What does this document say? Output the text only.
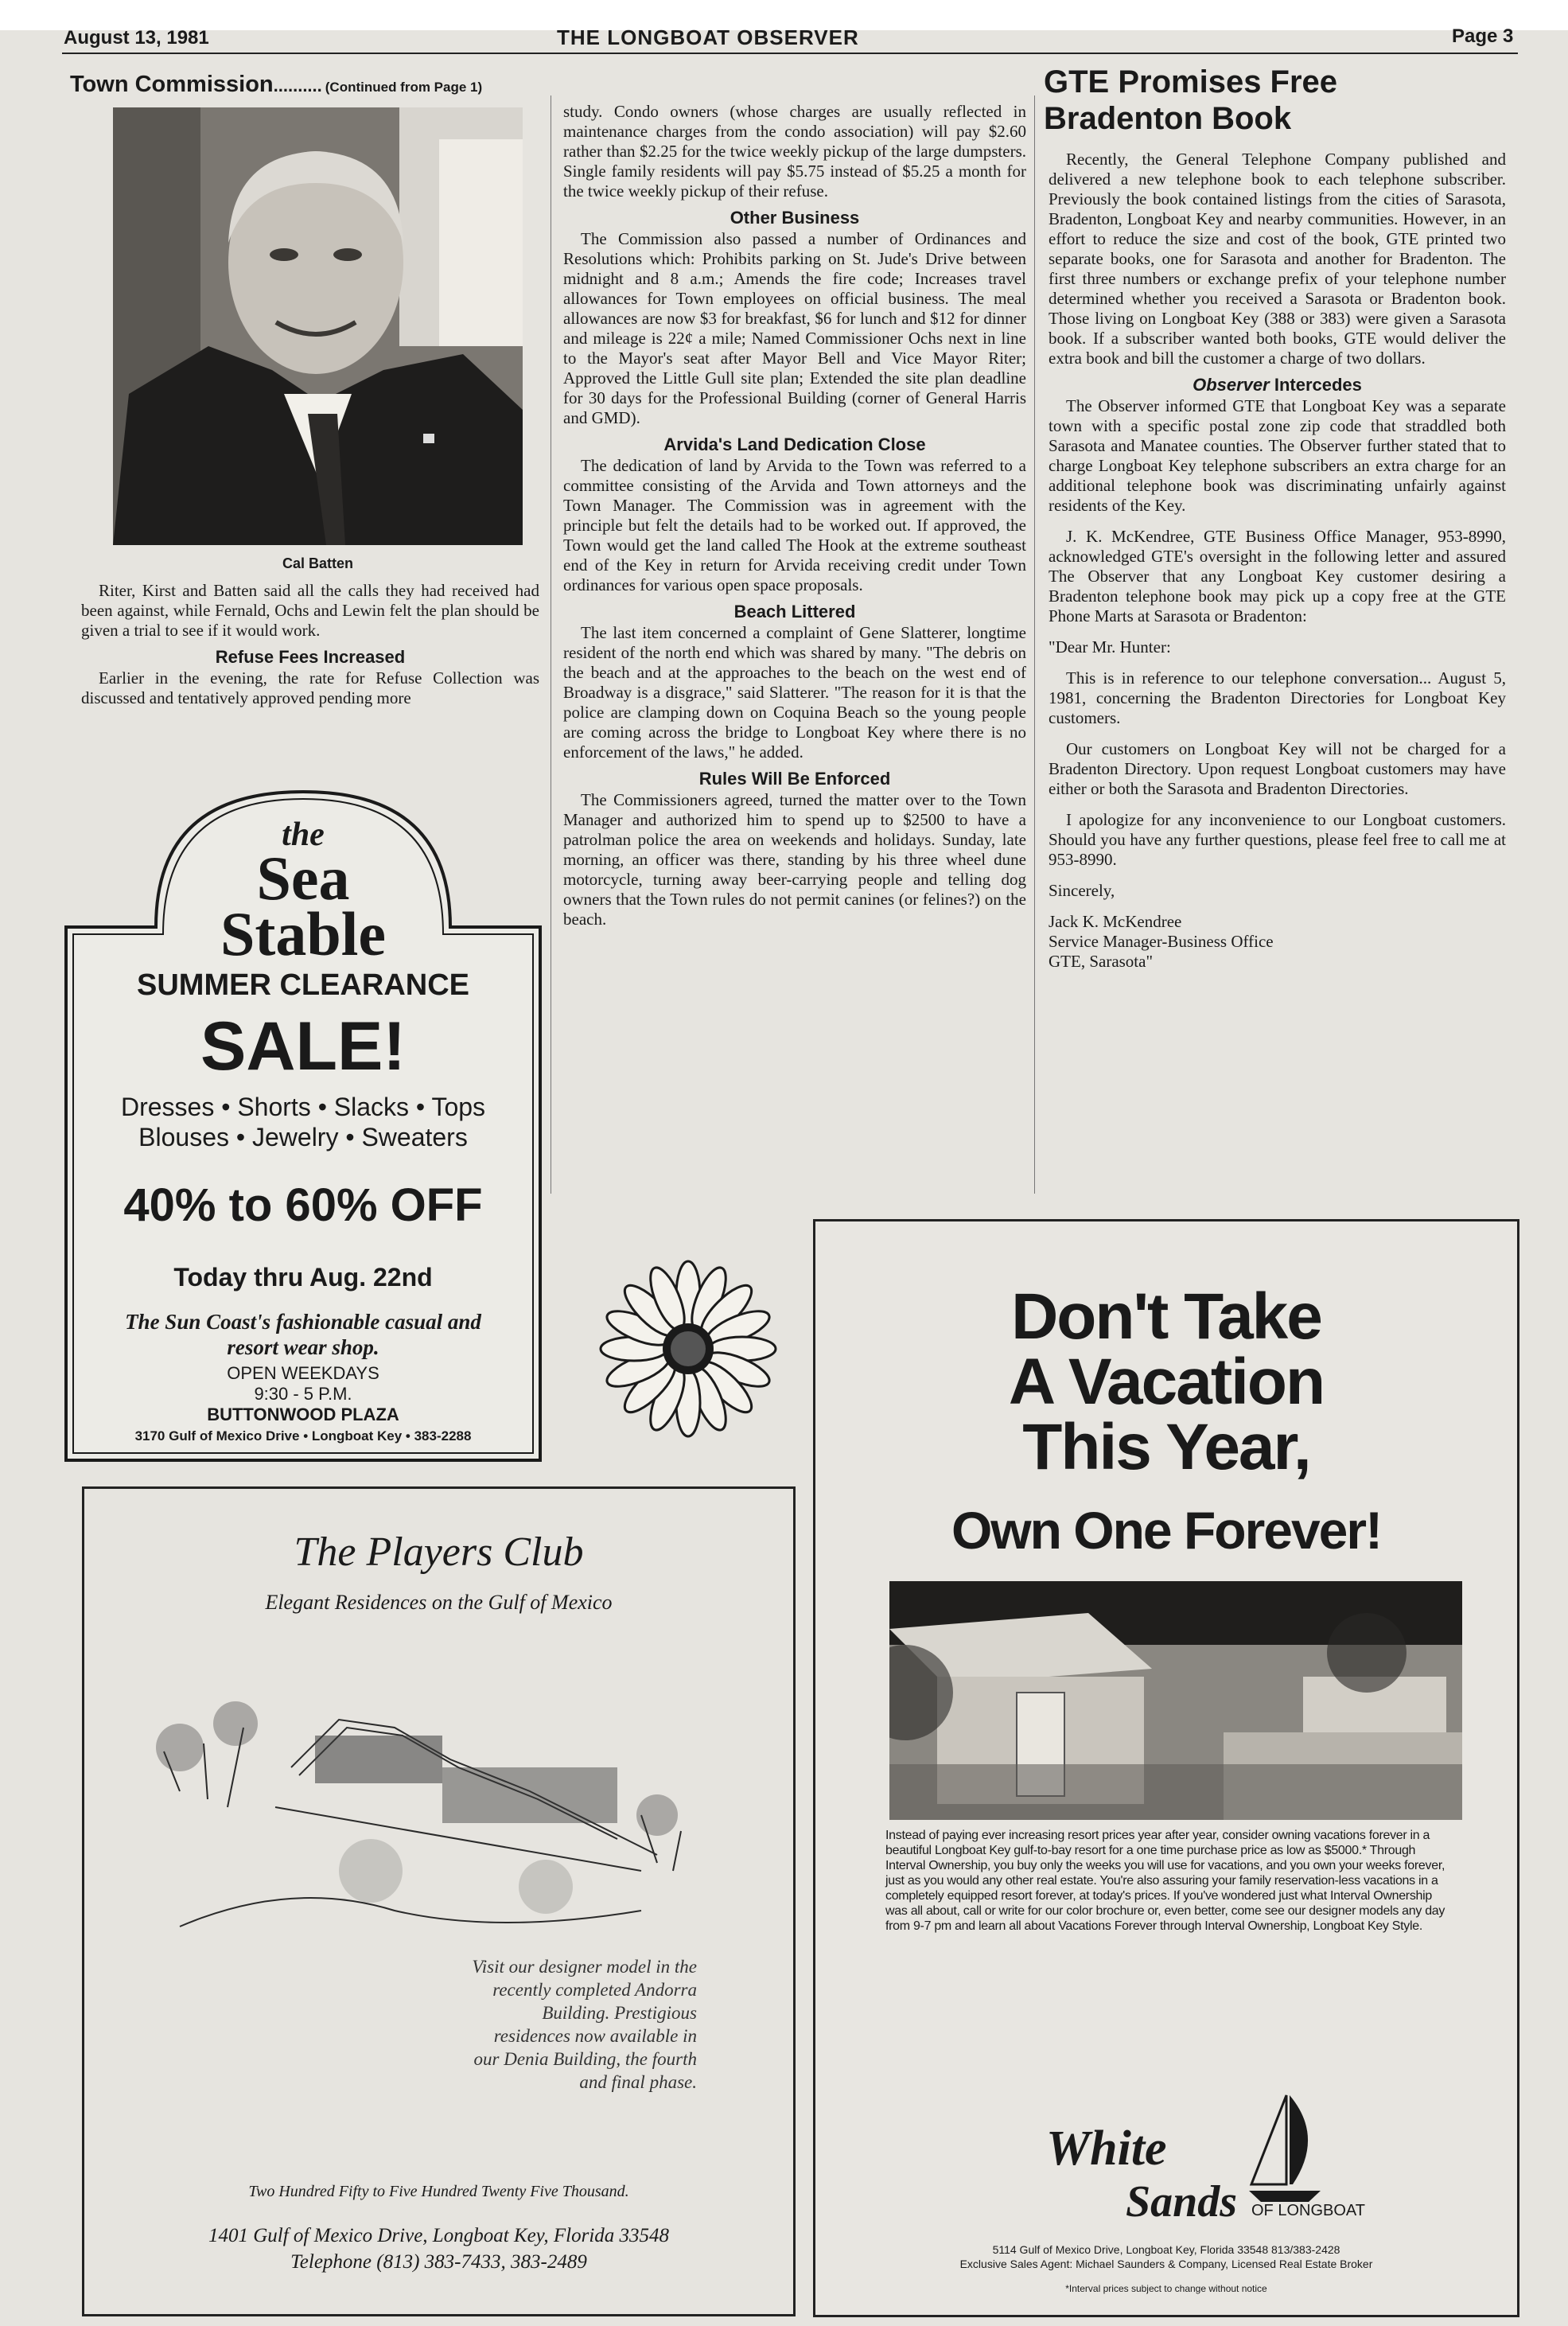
August 13, 1981	THE LONGBOAT OBSERVER	Page 3
Town Commission.......... (Continued from Page 1)
Cal Batten

Riter, Kirst and Batten said all the calls they had received had been against, while Fernald, Ochs and Lewin felt the plan should be given a trial to see if it would work.

Refuse Fees Increased

Earlier in the evening, the rate for Refuse Collection was discussed and tentatively approved pending more

the
Sea
Stable
SUMMER CLEARANCE
SALE!
Dresses • Shorts • Slacks • Tops
Blouses • Jewelry • Sweaters
40% to 60% OFF
Today thru Aug. 22nd
The Sun Coast's fashionable casual and resort wear shop.
OPEN WEEKDAYS
9:30 - 5 P.M.
BUTTONWOOD PLAZA
3170 Gulf of Mexico Drive • Longboat Key • 383-2288

study. Condo owners (whose charges are usually reflected in maintenance charges from the condo association) will pay $2.60 rather than $2.25 for the twice weekly pickup of the large dumpsters. Single family residents will pay $5.75 instead of $5.25 a month for the twice weekly pickup of their refuse.

Other Business

The Commission also passed a number of Ordinances and Resolutions which: Prohibits parking on St. Jude's Drive between midnight and 8 a.m.; Amends the fire code; Increases travel allowances for Town employees on official business. The meal allowances are now $3 for breakfast, $6 for lunch and $12 for dinner and mileage is 22¢ a mile; Named Commissioner Ochs next in line to the Mayor's seat after Mayor Bell and Vice Mayor Riter; Approved the Little Gull site plan; Extended the site plan deadline for 30 days for the Professional Building (corner of General Harris and GMD).

Arvida's Land Dedication Close

The dedication of land by Arvida to the Town was referred to a committee consisting of the Arvida and Town attorneys and the Town Manager. The Commission was in agreement with the principle but felt the details had to be worked out. If approved, the Town would get the land called The Hook at the extreme southeast end of the Key in return for Arvida receiving credit under Town ordinances for various open space proposals.

Beach Littered

The last item concerned a complaint of Gene Slatterer, longtime resident of the north end which was shared by many. "The debris on the beach and at the approaches to the beach on the west end of Broadway is a disgrace," said Slatterer. "The reason for it is that the police are clamping down on Coquina Beach so the young people are coming across the bridge to Longboat Key where there is no enforcement of the laws," he added.

Rules Will Be Enforced

The Commissioners agreed, turned the matter over to the Town Manager and authorized him to spend up to $2500 to have a patrolman police the area on weekends and holidays. Sunday, late morning, an officer was there, standing by his three wheel dune motorcycle, turning away beer-carrying people and telling dog owners that the Town rules do not permit canines (or felines?) on the beach.

GTE Promises Free Bradenton Book

Recently, the General Telephone Company published and delivered a new telephone book to each telephone subscriber. Previously the book contained listings from the cities of Sarasota, Bradenton, Longboat Key and nearby communities. However, in an effort to reduce the size and cost of the book, GTE printed two separate books, one for Sarasota and another for Bradenton. The first three numbers or exchange prefix of your telephone number determined whether you received a Sarasota or Bradenton book. Those living on Longboat Key (388 or 383) were given a Sarasota book. If a subscriber wanted both books, GTE would deliver the extra book and bill the customer a charge of two dollars.

Observer Intercedes

The Observer informed GTE that Longboat Key was a separate town with a specific postal zone zip code that straddled both Sarasota and Manatee counties. The Observer further stated that to charge Longboat Key telephone subscribers an extra charge for an additional telephone book was discriminating unfairly against residents of the Key.

J. K. McKendree, GTE Business Office Manager, 953-8990, acknowledged GTE's oversight in the following letter and assured The Observer that any Longboat Key customer desiring a Bradenton telephone book may pick up a copy free at the GTE Phone Marts at Sarasota or Bradenton:

"Dear Mr. Hunter:

This is in reference to our telephone conversation... August 5, 1981, concerning the Bradenton Directories for Longboat Key customers.

Our customers on Longboat Key will not be charged for a Bradenton Directory. Upon request Longboat customers may have either or both the Sarasota and Bradenton Directories.

I apologize for any inconvenience to our Longboat customers. Should you have any further questions, please feel free to call me at 953-8990.

Sincerely,

Jack K. McKendree

Service Manager-Business Office

GTE, Sarasota"

The Players Club
Elegant Residences on the Gulf of Mexico
Visit our designer model in the recently completed Andorra Building. Prestigious residences now available in our Denia Building, the fourth and final phase.
Two Hundred Fifty to Five Hundred Twenty Five Thousand.
1401 Gulf of Mexico Drive, Longboat Key, Florida 33548
Telephone (813) 383-7433, 383-2489
Don't Take
A Vacation
This Year,
Own One Forever!
Instead of paying ever increasing resort prices year after year, consider owning vacations forever in a beautiful Longboat Key gulf-to-bay resort for a one time purchase price as low as $5000.* Through Interval Ownership, you buy only the weeks you will use for vacations, and you own your weeks forever, just as you would any other real estate. You're also assuring your family reservation-less vacations in a completely equipped resort forever, at today's prices. If you've wondered just what Interval Ownership was all about, call or write for our color brochure or, even better, come see our designer models any day from 9-7 pm and learn all about Vacations Forever through Interval Ownership, Longboat Key Style.
White
Sands OF LONGBOAT
5114 Gulf of Mexico Drive, Longboat Key, Florida 33548 813/383-2428
Exclusive Sales Agent: Michael Saunders & Company, Licensed Real Estate Broker
*Interval prices subject to change without notice
